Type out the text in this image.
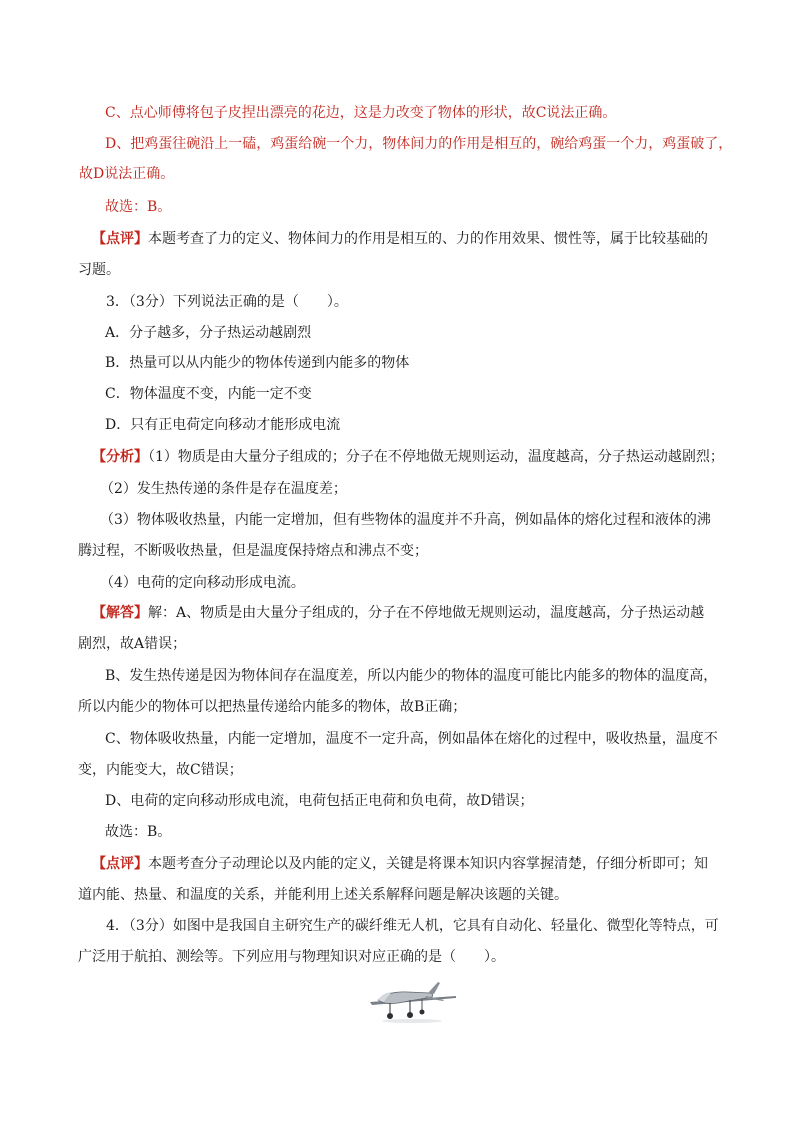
C、点心师傅将包子皮捏出漂亮的花边，这是力改变了物体的形状，故C说法正确。
D、把鸡蛋往碗沿上一磕，鸡蛋给碗一个力，物体间力的作用是相互的，碗给鸡蛋一个力，鸡蛋破了，
故D说法正确。
故选：B。
【点评】本题考查了力的定义、物体间力的作用是相互的、力的作用效果、惯性等，属于比较基础的
习题。
3．（3分）下列说法正确的是（　　）。
A．分子越多，分子热运动越剧烈
B．热量可以从内能少的物体传递到内能多的物体
C．物体温度不变，内能一定不变
D．只有正电荷定向移动才能形成电流
【分析】（1）物质是由大量分子组成的；分子在不停地做无规则运动，温度越高，分子热运动越剧烈；
（2）发生热传递的条件是存在温度差；
（3）物体吸收热量，内能一定增加，但有些物体的温度并不升高，例如晶体的熔化过程和液体的沸
腾过程，不断吸收热量，但是温度保持熔点和沸点不变；
（4）电荷的定向移动形成电流。
【解答】解：A、物质是由大量分子组成的，分子在不停地做无规则运动，温度越高，分子热运动越
剧烈，故A错误；
B、发生热传递是因为物体间存在温度差，所以内能少的物体的温度可能比内能多的物体的温度高，
所以内能少的物体可以把热量传递给内能多的物体，故B正确；
C、物体吸收热量，内能一定增加，温度不一定升高，例如晶体在熔化的过程中，吸收热量，温度不
变，内能变大，故C错误；
D、电荷的定向移动形成电流，电荷包括正电荷和负电荷，故D错误；
故选：B。
【点评】本题考查分子动理论以及内能的定义，关键是将课本知识内容掌握清楚，仔细分析即可；知
道内能、热量、和温度的关系，并能利用上述关系解释问题是解决该题的关键。
4．（3分）如图中是我国自主研究生产的碳纤维无人机，它具有自动化、轻量化、微型化等特点，可
广泛用于航拍、测绘等。下列应用与物理知识对应正确的是（　　）。
